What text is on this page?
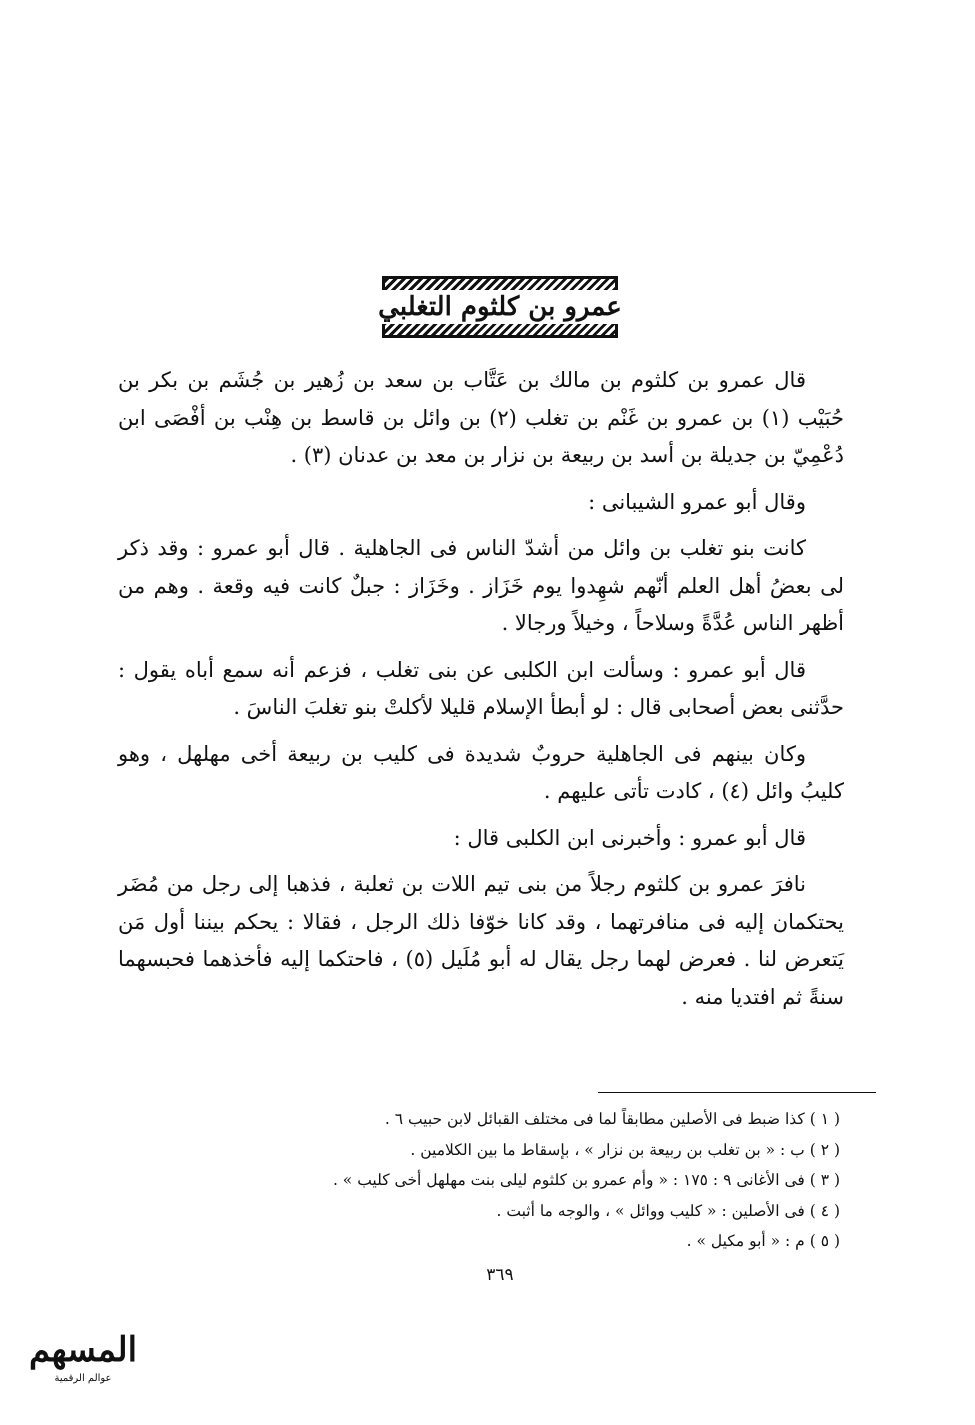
عمرو بن كلثوم التغلبي

قال عمرو بن كلثوم بن مالك بن عَتَّاب بن سعد بن زُهير بن جُشَم بن بكر بن حُبَيْب (١) بن عمرو بن غَنْم بن تغلب (٢) بن وائل بن قاسط بن هِنْب بن أفْصَى ابن دُعْمِيّ بن جديلة بن أسد بن ربيعة بن نزار بن معد بن عدنان (٣) .

وقال أبو عمرو الشيبانى :

كانت بنو تغلب بن وائل من أشدّ الناس فى الجاهلية . قال أبو عمرو : وقد ذكر لى بعضُ أهل العلم أنّهم شهِدوا يوم خَزَاز . وخَزَاز : جبلٌ كانت فيه وقعة . وهم من أظهر الناس عُدَّةً وسلاحاً ، وخيلاً ورجالا .

قال أبو عمرو : وسألت ابن الكلبى عن بنى تغلب ، فزعم أنه سمع أباه يقول : حدَّثنى بعض أصحابى قال : لو أبطأ الإسلام قليلا لأكلتْ بنو تغلبَ الناسَ .

وكان بينهم فى الجاهلية حروبٌ شديدة فى كليب بن ربيعة أخى مهلهل ، وهو كليبُ وائل (٤) ، كادت تأتى عليهم .

قال أبو عمرو : وأخبرنى ابن الكلبى قال :

نافرَ عمرو بن كلثوم رجلاً من بنى تيم اللات بن ثعلبة ، فذهبا إلى رجل من مُضَر يحتكمان إليه فى منافرتهما ، وقد كانا خوّفا ذلك الرجل ، فقالا : يحكم بيننا أول مَن يَتعرض لنا . فعرض لهما رجل يقال له أبو مُلَيل (٥) ، فاحتكما إليه فأخذهما فحبسهما سنةً ثم افتديا منه .

( ١ ) كذا ضبط فى الأصلين مطابقاً لما فى مختلف القبائل لابن حبيب ٦ .
( ٢ ) ب : « بن تغلب بن ربيعة بن نزار » ، بإسقاط ما بين الكلامين .
( ٣ ) فى الأغانى ٩ : ١٧٥ : « وأم عمرو بن كلثوم ليلى بنت مهلهل أخى كليب » .
( ٤ ) فى الأصلين : « كليب ووائل » ، والوجه ما أثبت .
( ٥ ) م : « أبو مكيل » .
٣٦٩
المسهم
عوالم الرقمية
